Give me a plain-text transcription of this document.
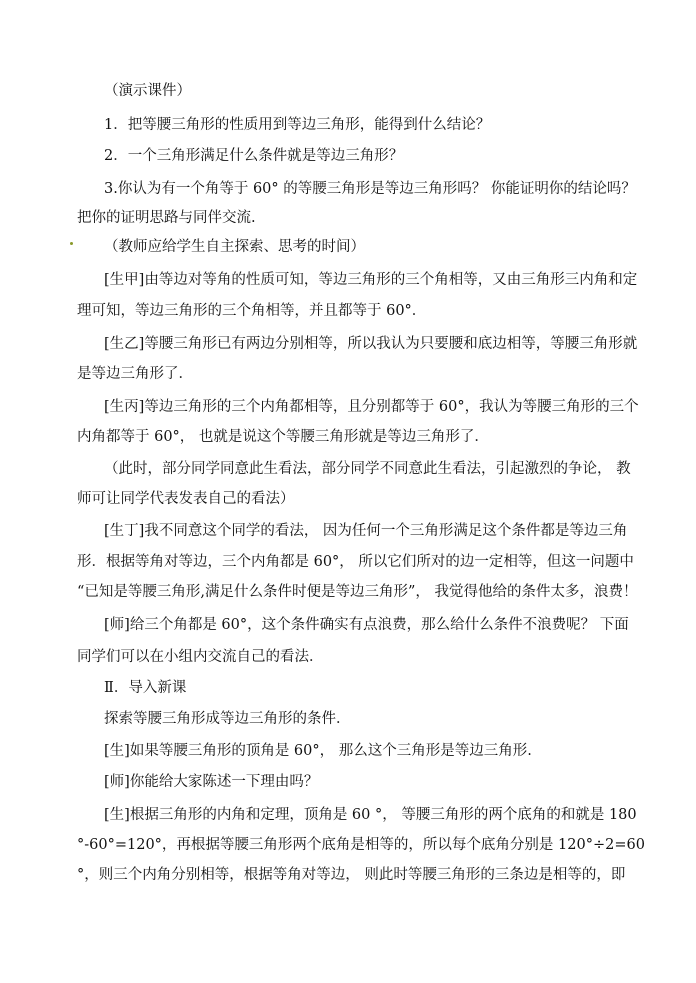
（演示课件）
1．把等腰三角形的性质用到等边三角形，能得到什么结论？
2．一个三角形满足什么条件就是等边三角形？
3.你认为有一个角等于 60° 的等腰三角形是等边三角形吗？ 你能证明你的结论吗？
把你的证明思路与同伴交流.
（教师应给学生自主探索、思考的时间）
[生甲]由等边对等角的性质可知，等边三角形的三个角相等，又由三角形三内角和定
理可知，等边三角形的三个角相等，并且都等于 60°．
[生乙]等腰三角形已有两边分别相等，所以我认为只要腰和底边相等，等腰三角形就
是等边三角形了．
[生丙]等边三角形的三个内角都相等，且分别都等于 60°，我认为等腰三角形的三个
内角都等于 60°， 也就是说这个等腰三角形就是等边三角形了．
（此时，部分同学同意此生看法，部分同学不同意此生看法，引起激烈的争论， 教
师可让同学代表发表自己的看法）
[生丁]我不同意这个同学的看法， 因为任何一个三角形满足这个条件都是等边三角
形．根据等角对等边，三个内角都是 60°， 所以它们所对的边一定相等，但这一问题中
“已知是等腰三角形,满足什么条件时便是等边三角形”， 我觉得他给的条件太多，浪费！
[师]给三个角都是 60°，这个条件确实有点浪费，那么给什么条件不浪费呢？ 下面
同学们可以在小组内交流自己的看法．
Ⅱ．导入新课
探索等腰三角形成等边三角形的条件．
[生]如果等腰三角形的顶角是 60°， 那么这个三角形是等边三角形.
[师]你能给大家陈述一下理由吗？
[生]根据三角形的内角和定理，顶角是 60 °， 等腰三角形的两个底角的和就是 180
°-60°=120°，再根据等腰三角形两个底角是相等的，所以每个底角分别是 120°÷2=60
°，则三个内角分别相等，根据等角对等边， 则此时等腰三角形的三条边是相等的，即
